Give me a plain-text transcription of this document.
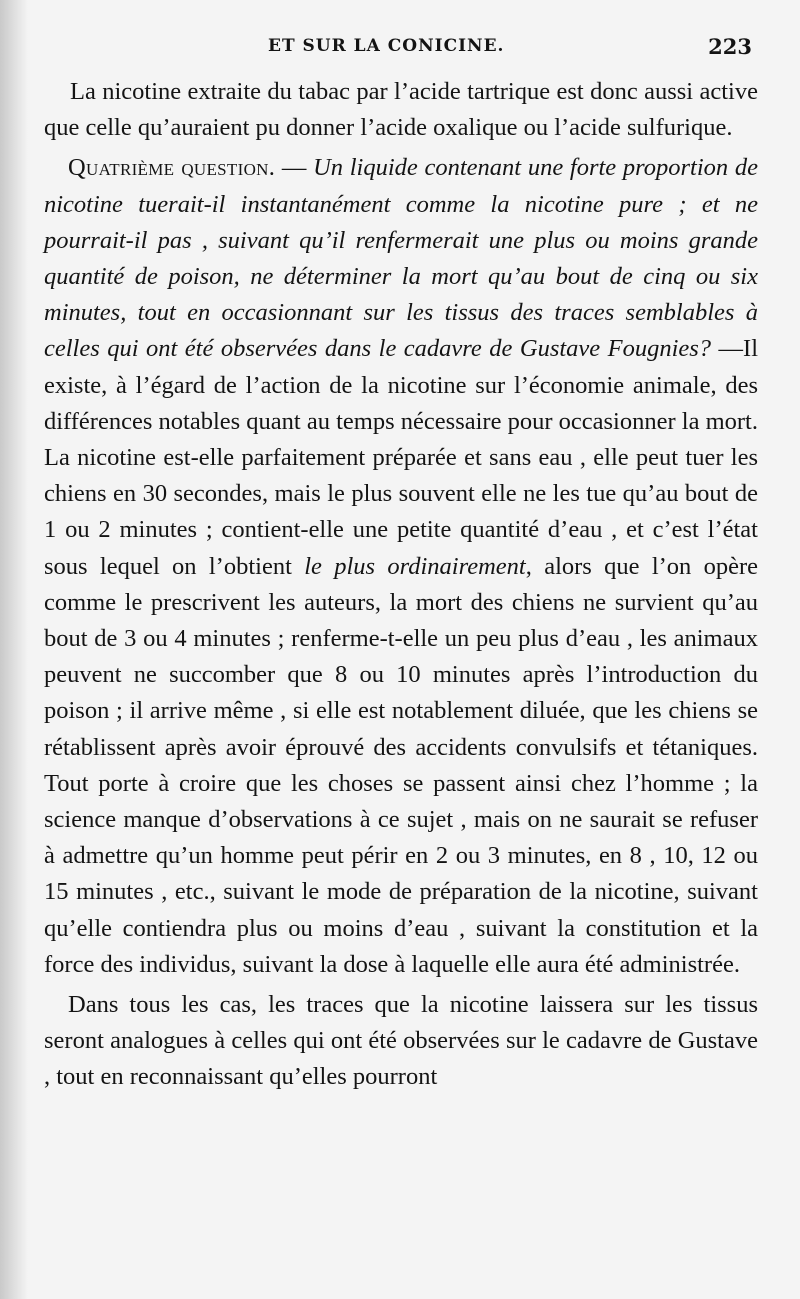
ET SUR LA CONICINE.	223

La nicotine extraite du tabac par l’acide tartrique est donc aussi active que celle qu’auraient pu donner l’acide oxalique ou l’acide sulfurique.

Quatrième question. — Un liquide contenant une forte proportion de nicotine tuerait-il instantanément comme la nicotine pure ; et ne pourrait-il pas , suivant qu’il renfermerait une plus ou moins grande quantité de poison, ne déterminer la mort qu’au bout de cinq ou six minutes, tout en occasionnant sur les tissus des traces semblables à celles qui ont été observées dans le cadavre de Gustave Fougnies? —Il existe, à l’égard de l’action de la nicotine sur l’économie animale, des différences notables quant au temps nécessaire pour occasionner la mort. La nicotine est-elle parfaitement préparée et sans eau , elle peut tuer les chiens en 30 secondes, mais le plus souvent elle ne les tue qu’au bout de 1 ou 2 minutes ; contient-elle une petite quantité d’eau , et c’est l’état sous lequel on l’obtient le plus ordinairement, alors que l’on opère comme le prescrivent les auteurs, la mort des chiens ne survient qu’au bout de 3 ou 4 minutes ; renferme-t-elle un peu plus d’eau , les animaux peuvent ne succomber que 8 ou 10 minutes après l’introduction du poison ; il arrive même , si elle est notablement diluée, que les chiens se rétablissent après avoir éprouvé des accidents convulsifs et tétaniques. Tout porte à croire que les choses se passent ainsi chez l’homme ; la science manque d’observations à ce sujet , mais on ne saurait se refuser à admettre qu’un homme peut périr en 2 ou 3 minutes, en 8 , 10, 12 ou 15 minutes , etc., suivant le mode de préparation de la nicotine, suivant qu’elle contiendra plus ou moins d’eau , suivant la constitution et la force des individus, suivant la dose à laquelle elle aura été administrée.

Dans tous les cas, les traces que la nicotine laissera sur les tissus seront analogues à celles qui ont été observées sur le cadavre de Gustave , tout en reconnaissant qu’elles pourront
